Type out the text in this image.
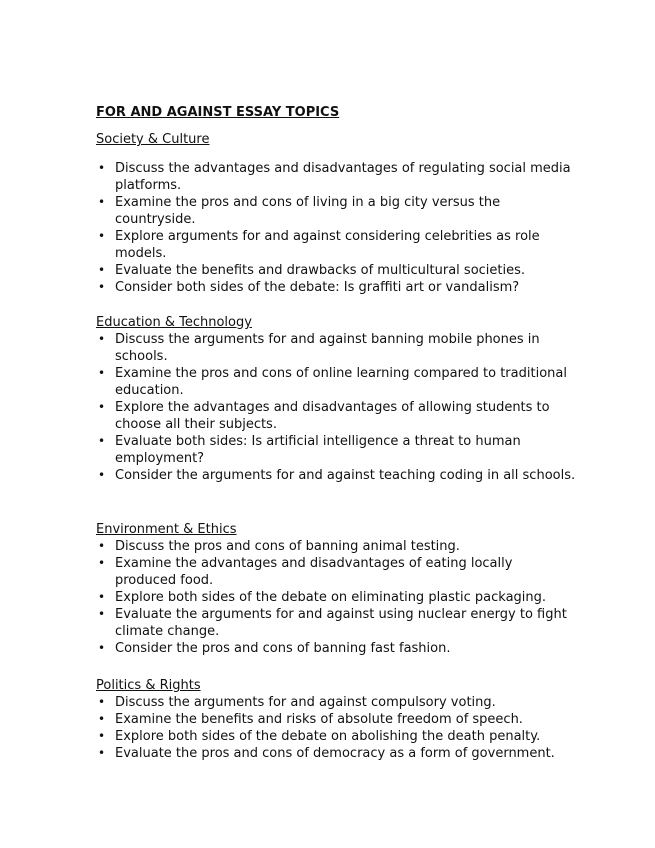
FOR AND AGAINST ESSAY TOPICS
Society & Culture
• Discuss the advantages and disadvantages of regulating social media platforms.
• Examine the pros and cons of living in a big city versus the countryside.
• Explore arguments for and against considering celebrities as role models.
• Evaluate the benefits and drawbacks of multicultural societies.
• Consider both sides of the debate: Is graffiti art or vandalism?
Education & Technology
• Discuss the arguments for and against banning mobile phones in schools.
• Examine the pros and cons of online learning compared to traditional education.
• Explore the advantages and disadvantages of allowing students to choose all their subjects.
• Evaluate both sides: Is artificial intelligence a threat to human employment?
• Consider the arguments for and against teaching coding in all schools.
Environment & Ethics
• Discuss the pros and cons of banning animal testing.
• Examine the advantages and disadvantages of eating locally produced food.
• Explore both sides of the debate on eliminating plastic packaging.
• Evaluate the arguments for and against using nuclear energy to fight climate change.
• Consider the pros and cons of banning fast fashion.
Politics & Rights
• Discuss the arguments for and against compulsory voting.
• Examine the benefits and risks of absolute freedom of speech.
• Explore both sides of the debate on abolishing the death penalty.
• Evaluate the pros and cons of democracy as a form of government.
